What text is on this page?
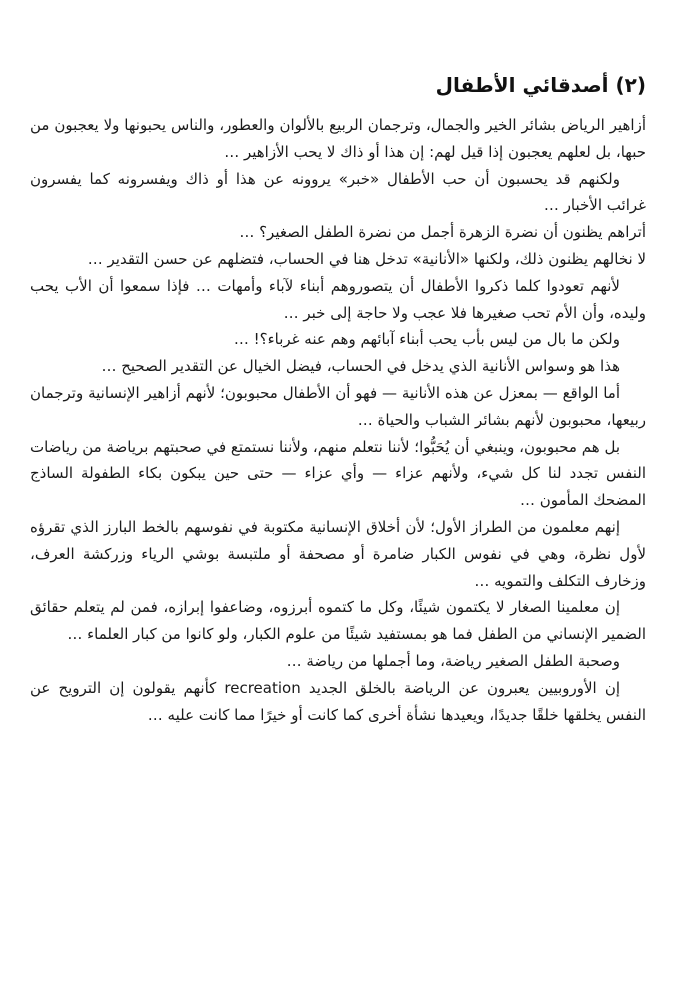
(٢) أصدقائي الأطفال

أزاهير الرياض بشائر الخير والجمال، وترجمان الربيع بالألوان والعطور، والناس يحبونها ولا يعجبون من حبها، بل لعلهم يعجبون إذا قيل لهم: إن هذا أو ذاك لا يحب الأزاهير …

ولكنهم قد يحسبون أن حب الأطفال «خبر» يروونه عن هذا أو ذاك ويفسرونه كما يفسرون غرائب الأخبار …

أتراهم يظنون أن نضرة الزهرة أجمل من نضرة الطفل الصغير؟ …

لا نخالهم يظنون ذلك، ولكنها «الأنانية» تدخل هنا في الحساب، فتضلهم عن حسن التقدير …

لأنهم تعودوا كلما ذكروا الأطفال أن يتصوروهم أبناء لآباء وأمهات … فإذا سمعوا أن الأب يحب وليده، وأن الأم تحب صغيرها فلا عجب ولا حاجة إلى خبر …

ولكن ما بال من ليس بأب يحب أبناء آبائهم وهم عنه غرباء؟! …

هذا هو وسواس الأنانية الذي يدخل في الحساب، فيضل الخيال عن التقدير الصحيح …

أما الواقع — بمعزل عن هذه الأنانية — فهو أن الأطفال محبوبون؛ لأنهم أزاهير الإنسانية وترجمان ربيعها، محبوبون لأنهم بشائر الشباب والحياة …

بل هم محبوبون، وينبغي أن يُحَبُّوا؛ لأننا نتعلم منهم، ولأننا نستمتع في صحبتهم برياضة من رياضات النفس تجدد لنا كل شيء، ولأنهم عزاء — وأي عزاء — حتى حين يبكون بكاء الطفولة الساذج المضحك المأمون …

إنهم معلمون من الطراز الأول؛ لأن أخلاق الإنسانية مكتوبة في نفوسهم بالخط البارز الذي تقرؤه لأول نظرة، وهي في نفوس الكبار ضامرة أو مصحفة أو ملتبسة بوشي الرياء وزركشة العرف، وزخارف التكلف والتمويه …

إن معلمينا الصغار لا يكتمون شيئًا، وكل ما كتموه أبرزوه، وضاعفوا إبرازه، فمن لم يتعلم حقائق الضمير الإنساني من الطفل فما هو بمستفيد شيئًا من علوم الكبار، ولو كانوا من كبار العلماء …

وصحبة الطفل الصغير رياضة، وما أجملها من رياضة …

إن الأوروبيين يعبرون عن الرياضة بالخلق الجديد recreation كأنهم يقولون إن الترويح عن النفس يخلقها خلقًا جديدًا، ويعيدها نشأة أخرى كما كانت أو خيرًا مما كانت عليه …
